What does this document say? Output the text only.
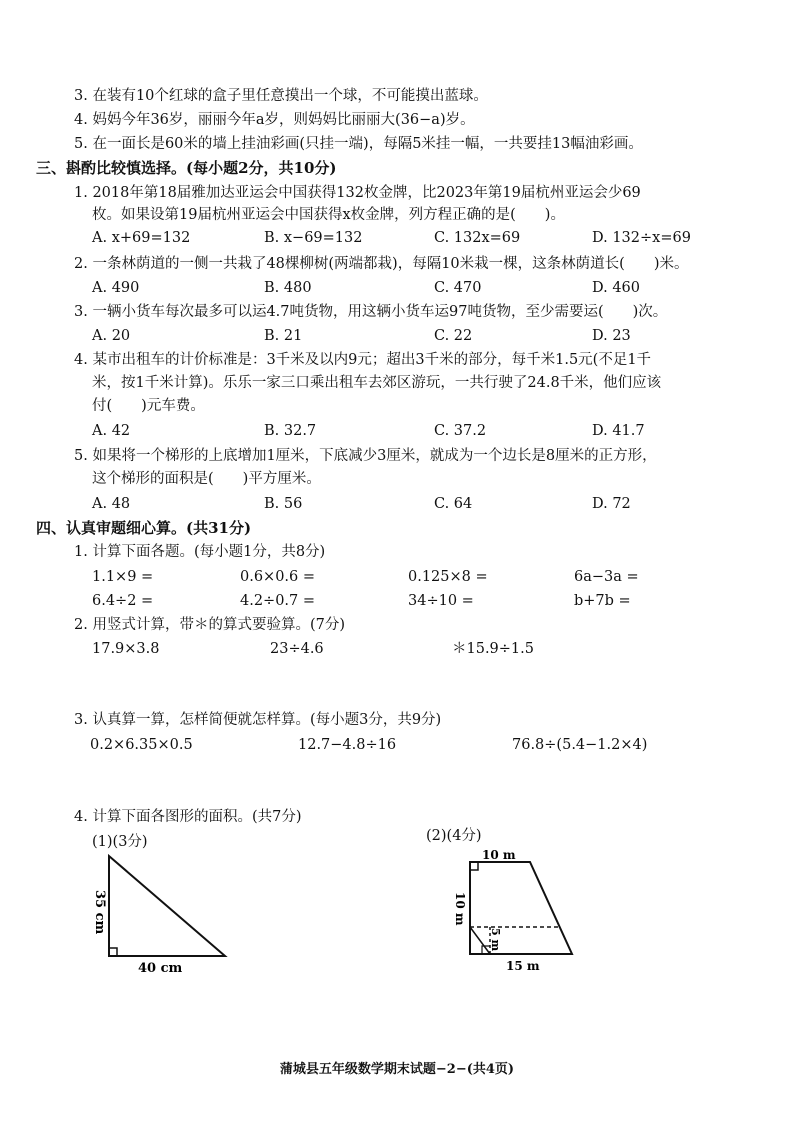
3. 在装有10个红球的盒子里任意摸出一个球，不可能摸出蓝球。
4. 妈妈今年36岁，丽丽今年a岁，则妈妈比丽丽大(36−a)岁。
5. 在一面长是60米的墙上挂油彩画(只挂一端)，每隔5米挂一幅，一共要挂13幅油彩画。
三、斟酌比较慎选择。(每小题2分，共10分)
1. 2018年第18届雅加达亚运会中国获得132枚金牌，比2023年第19届杭州亚运会少69
枚。如果设第19届杭州亚运会中国获得x枚金牌，列方程正确的是(　　)。
A. x+69=132	B. x−69=132	C. 132x=69	D. 132÷x=69
2. 一条林荫道的一侧一共栽了48棵柳树(两端都栽)，每隔10米栽一棵，这条林荫道长(　　)米。
A. 490	B. 480	C. 470	D. 460
3. 一辆小货车每次最多可以运4.7吨货物，用这辆小货车运97吨货物，至少需要运(　　)次。
A. 20	B. 21	C. 22	D. 23
4. 某市出租车的计价标准是：3千米及以内9元；超出3千米的部分，每千米1.5元(不足1千
米，按1千米计算)。乐乐一家三口乘出租车去郊区游玩，一共行驶了24.8千米，他们应该
付(　　)元车费。
A. 42	B. 32.7	C. 37.2	D. 41.7
5. 如果将一个梯形的上底增加1厘米，下底减少3厘米，就成为一个边长是8厘米的正方形，
这个梯形的面积是(　　)平方厘米。
A. 48	B. 56	C. 64	D. 72
四、认真审题细心算。(共31分)
1. 计算下面各题。(每小题1分，共8分)
1.1×9 =	0.6×0.6 =	0.125×8 =	6a−3a =
6.4÷2 =	4.2÷0.7 =	34÷10 =	b+7b =
2. 用竖式计算，带＊的算式要验算。(7分)
17.9×3.8	23÷4.6	＊15.9÷1.5
3. 认真算一算，怎样简便就怎样算。(每小题3分，共9分)
0.2×6.35×0.5	12.7−4.8÷16	76.8÷(5.4−1.2×4)
4. 计算下面各图形的面积。(共7分)
(1)(3分)	(2)(4分)
35 cm
40 cm
10 m
10 m
5 m
15 m
蒲城县五年级数学期末试题−2−(共4页)
